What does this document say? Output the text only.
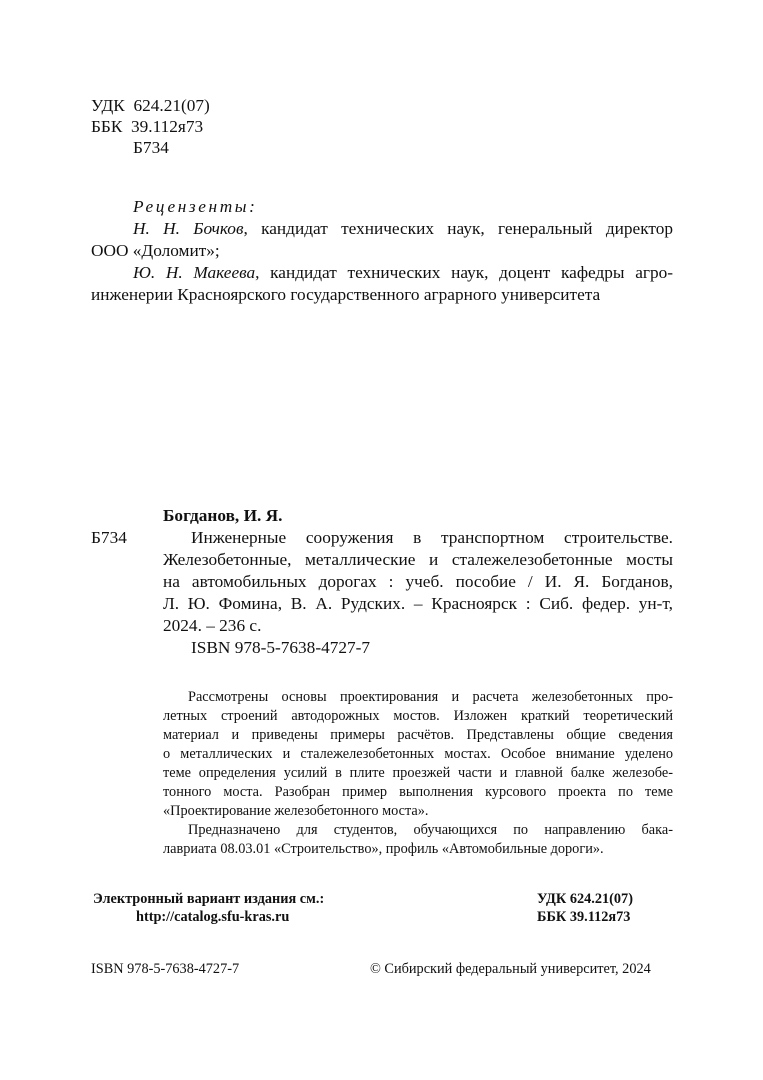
УДК 624.21(07)
ББК 39.112я73
Б734
Рецензенты:
Н. Н. Бочков, кандидат технических наук, генеральный директор
ООО «Доломит»;
Ю. Н. Макеева, кандидат технических наук, доцент кафедры агро-
инженерии Красноярского государственного аграрного университета
Богданов, И. Я.
Б734	Инженерные сооружения в транспортном строительстве.
Железобетонные, металлические и сталежелезобетонные мосты
на автомобильных дорогах : учеб. пособие / И. Я. Богданов,
Л. Ю. Фомина, В. А. Рудских. – Красноярск : Сиб. федер. ун-т,
2024. – 236 с.
ISBN 978-5-7638-4727-7
Рассмотрены основы проектирования и расчета железобетонных про-
летных строений автодорожных мостов. Изложен краткий теоретический
материал и приведены примеры расчётов. Представлены общие сведения
о металлических и сталежелезобетонных мостах. Особое внимание уделено
теме определения усилий в плите проезжей части и главной балке железобе-
тонного моста. Разобран пример выполнения курсового проекта по теме
«Проектирование железобетонного моста».
Предназначено для студентов, обучающихся по направлению бака-
лавриата 08.03.01 «Строительство», профиль «Автомобильные дороги».
Электронный вариант издания см.:
http://catalog.sfu-kras.ru
УДК 624.21(07)
ББК 39.112я73
ISBN 978-5-7638-4727-7	© Сибирский федеральный университет, 2024
